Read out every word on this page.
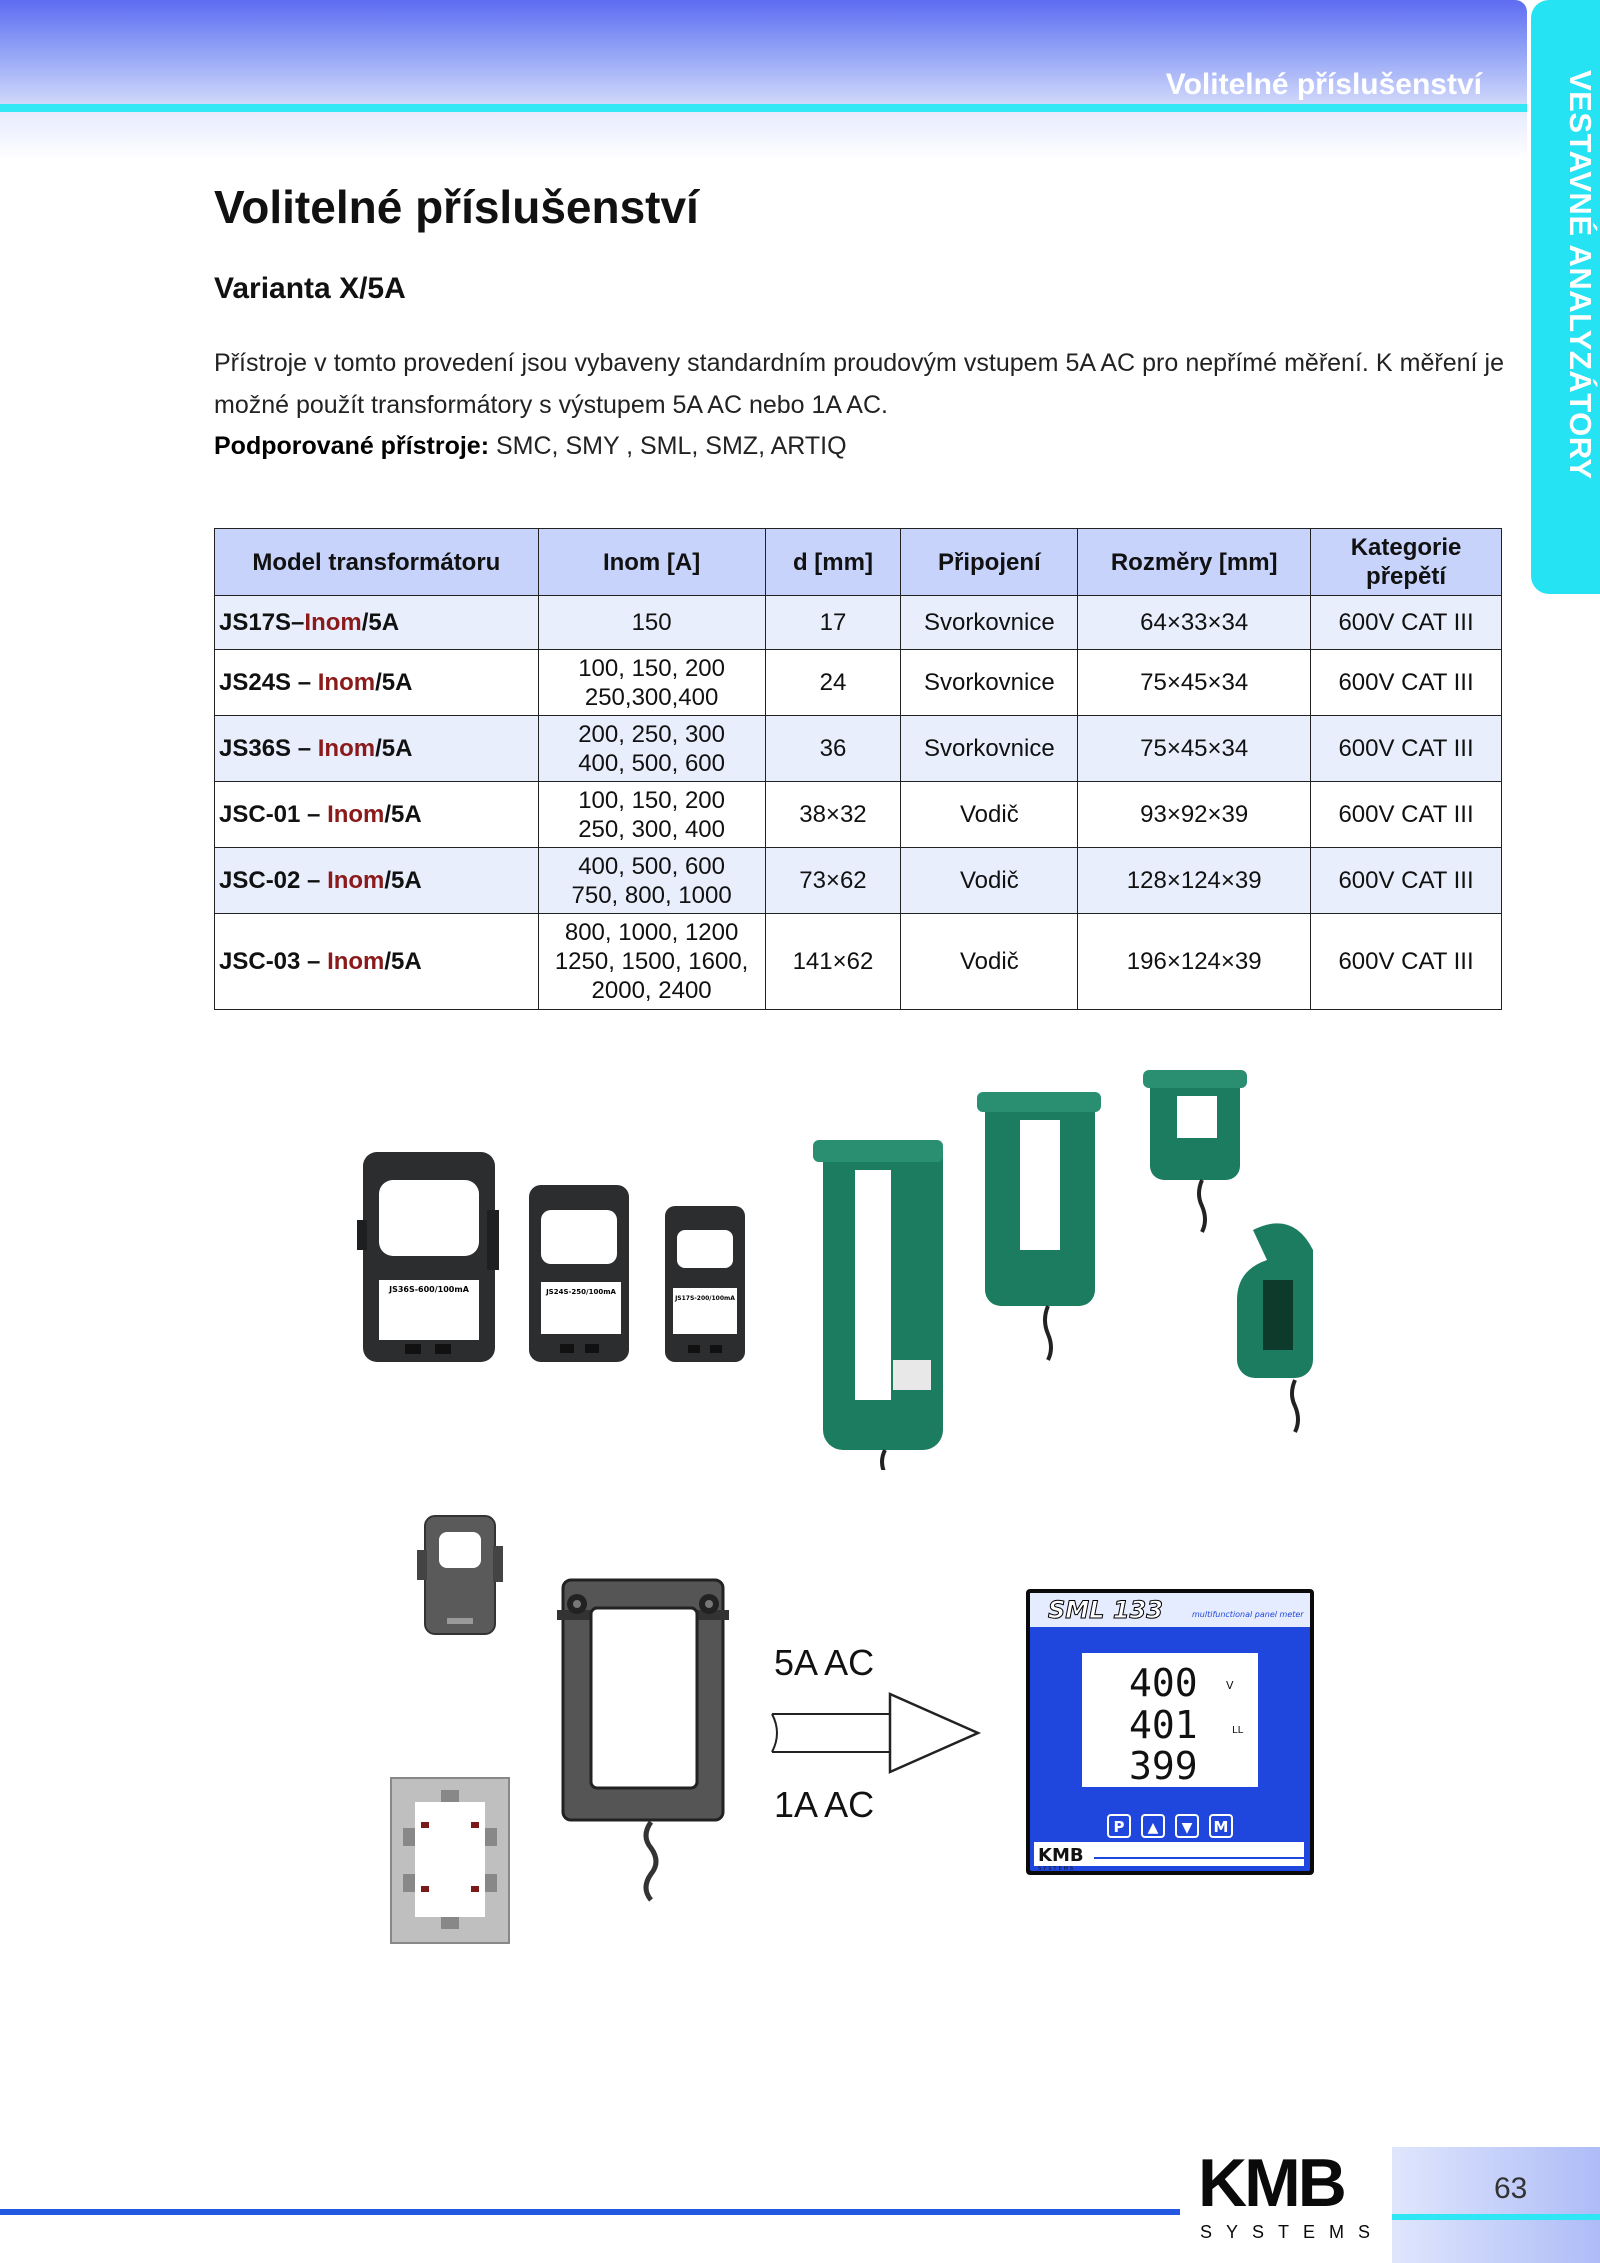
Volitelné příslušenství	VESTAVNÉ ANALYZÁTORY
Volitelné příslušenství
Varianta X/5A
Přístroje v tomto provedení jsou vybaveny standardním proudovým vstupem 5A AC pro nepřímé měření. K měření je možné použít transformátory s výstupem 5A AC nebo 1A AC.
Podporované přístroje: SMC, SMY , SML, SMZ, ARTIQ
Model transformátoru	Inom [A]	d [mm]	Připojení	Rozměry [mm]	Kategorie přepětí
JS17S–Inom/5A	150	17	Svorkovnice	64×33×34	600V CAT III
JS24S – Inom/5A	100, 150, 200
250,300,400	24	Svorkovnice	75×45×34	600V CAT III
JS36S – Inom/5A	200, 250, 300
400, 500, 600	36	Svorkovnice	75×45×34	600V CAT III
JSC-01 – Inom/5A	100, 150, 200
250, 300, 400	38×32	Vodič	93×92×39	600V CAT III
JSC-02 – Inom/5A	400, 500, 600
750, 800, 1000	73×62	Vodič	128×124×39	600V CAT III
JSC-03 – Inom/5A	800, 1000, 1200
1250, 1500, 1600,
2000, 2400	141×62	Vodič	196×124×39	600V CAT III
JS36S-600/100mA	JS24S-250/100mA
JS17S-200/100mA
5A AC
1A AC
SML 133	multifunctional panel meter
400
401
399
V
LL
P ▲ ▼ M
KMB
SYSTEMS
KMB
SYSTEMS
63
